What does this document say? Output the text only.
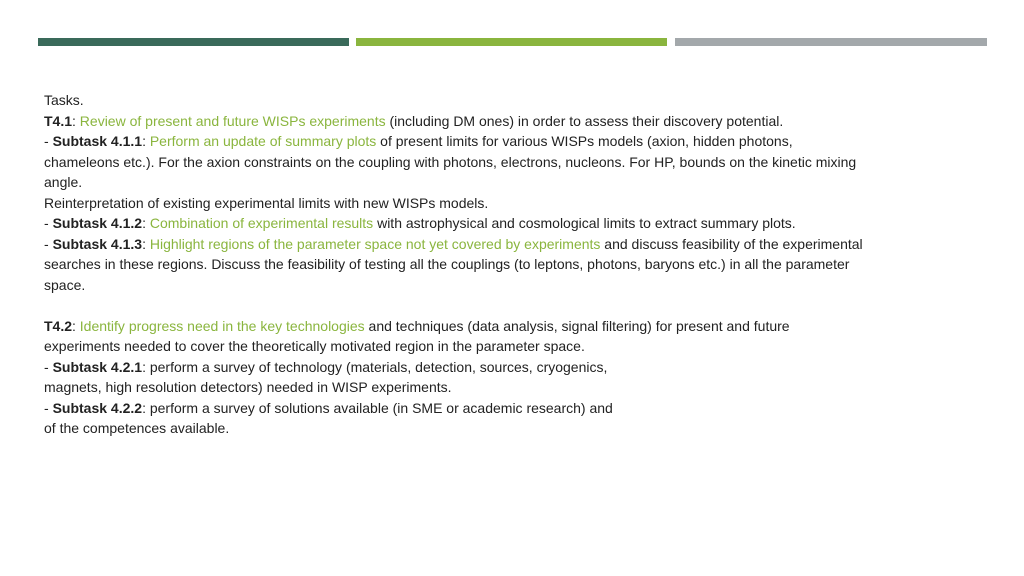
Tasks.
T4.1: Review of present and future WISPs experiments (including DM ones) in order to assess their discovery potential.
- Subtask 4.1.1: Perform an update of summary plots of present limits for various WISPs models (axion, hidden photons,
chameleons etc.). For the axion constraints on the coupling with photons, electrons, nucleons. For HP, bounds on the kinetic mixing
angle.
Reinterpretation of existing experimental limits with new WISPs models.
- Subtask 4.1.2: Combination of experimental results with astrophysical and cosmological limits to extract summary plots.
- Subtask 4.1.3: Highlight regions of the parameter space not yet covered by experiments and discuss feasibility of the experimental
searches in these regions. Discuss the feasibility of testing all the couplings (to leptons, photons, baryons etc.) in all the parameter
space.
T4.2: Identify progress need in the key technologies and techniques (data analysis, signal filtering) for present and future
experiments needed to cover the theoretically motivated region in the parameter space.
- Subtask 4.2.1: perform a survey of technology (materials, detection, sources, cryogenics,
magnets, high resolution detectors) needed in WISP experiments.
- Subtask 4.2.2: perform a survey of solutions available (in SME or academic research) and
of the competences available.
